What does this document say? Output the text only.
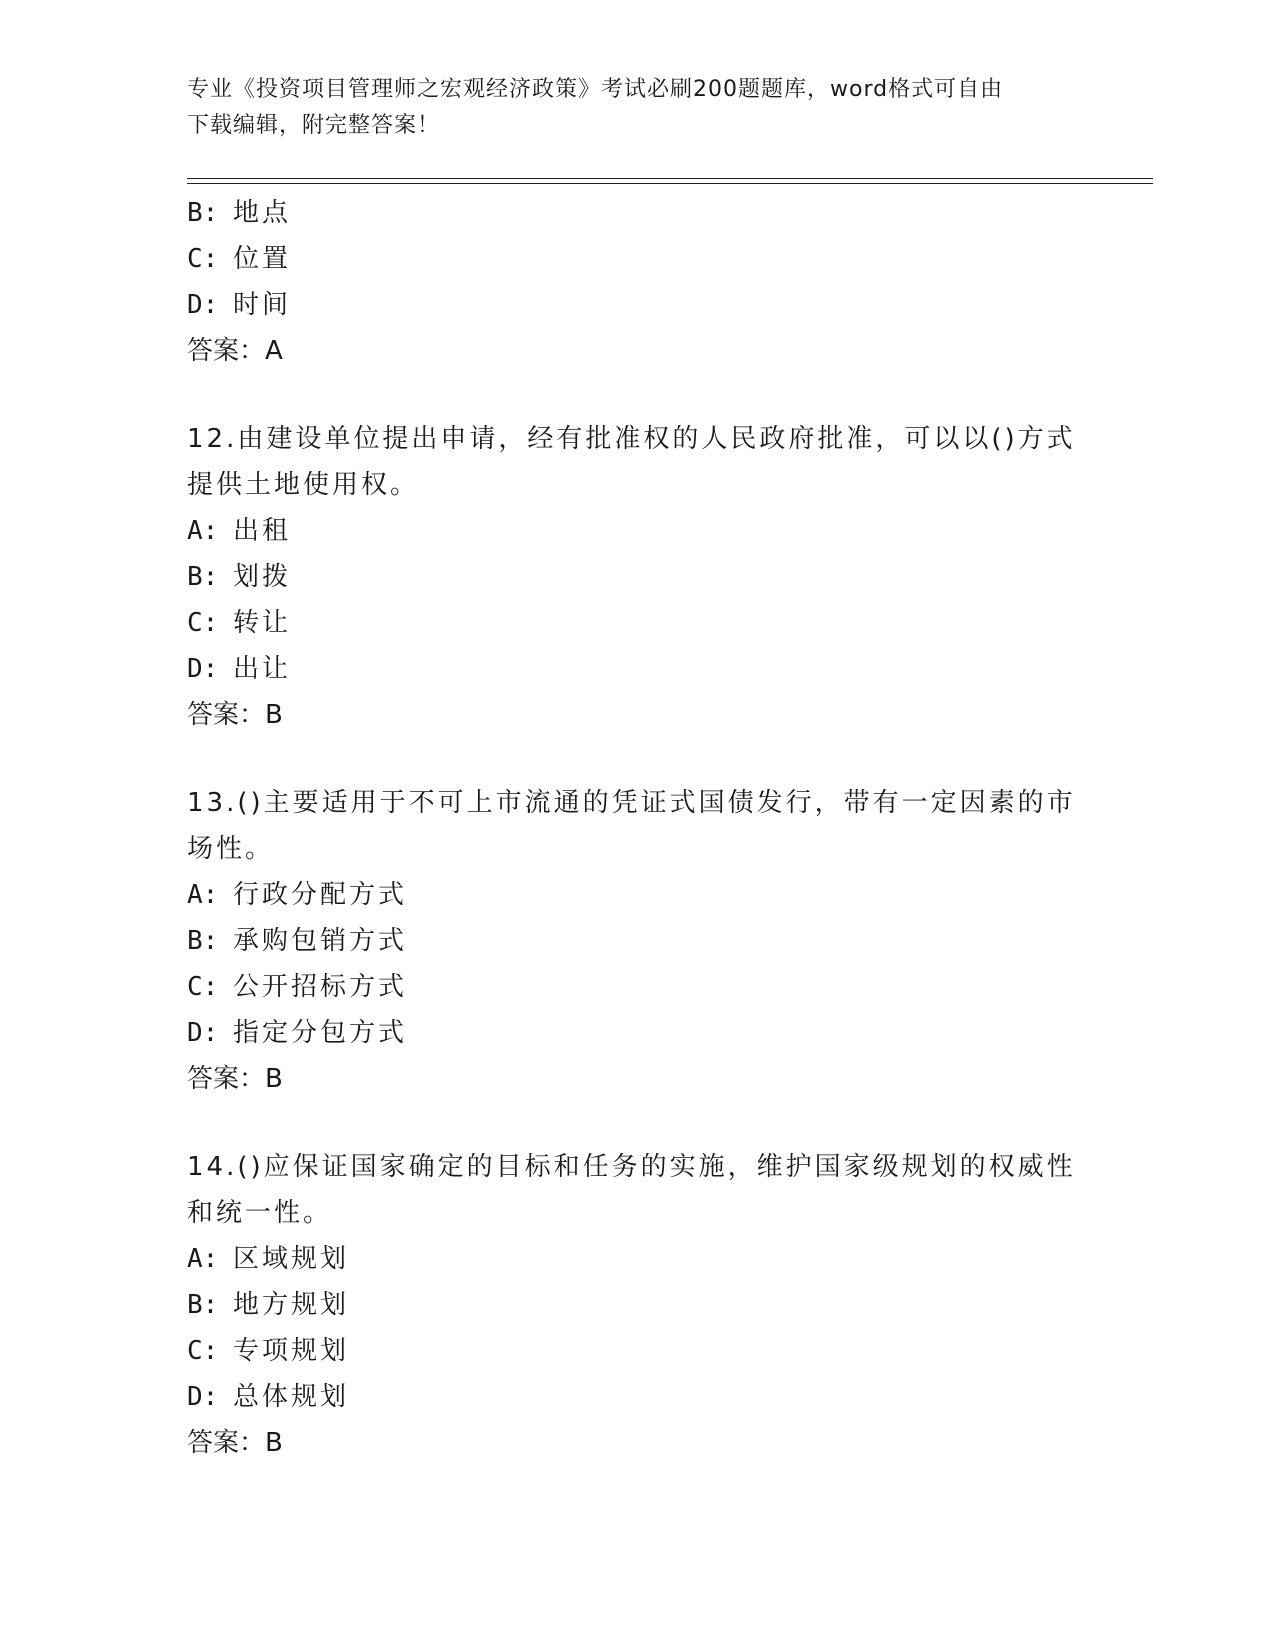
专业《投资项目管理师之宏观经济政策》考试必刷200题题库，word格式可自由
下载编辑，附完整答案！
B: 地点
C: 位置
D: 时间
答案：A
12.由建设单位提出申请，经有批准权的人民政府批准，可以以()方式
提供土地使用权。
A: 出租
B: 划拨
C: 转让
D: 出让
答案：B
13.()主要适用于不可上市流通的凭证式国债发行，带有一定因素的市
场性。
A: 行政分配方式
B: 承购包销方式
C: 公开招标方式
D: 指定分包方式
答案：B
14.()应保证国家确定的目标和任务的实施，维护国家级规划的权威性
和统一性。
A: 区域规划
B: 地方规划
C: 专项规划
D: 总体规划
答案：B
